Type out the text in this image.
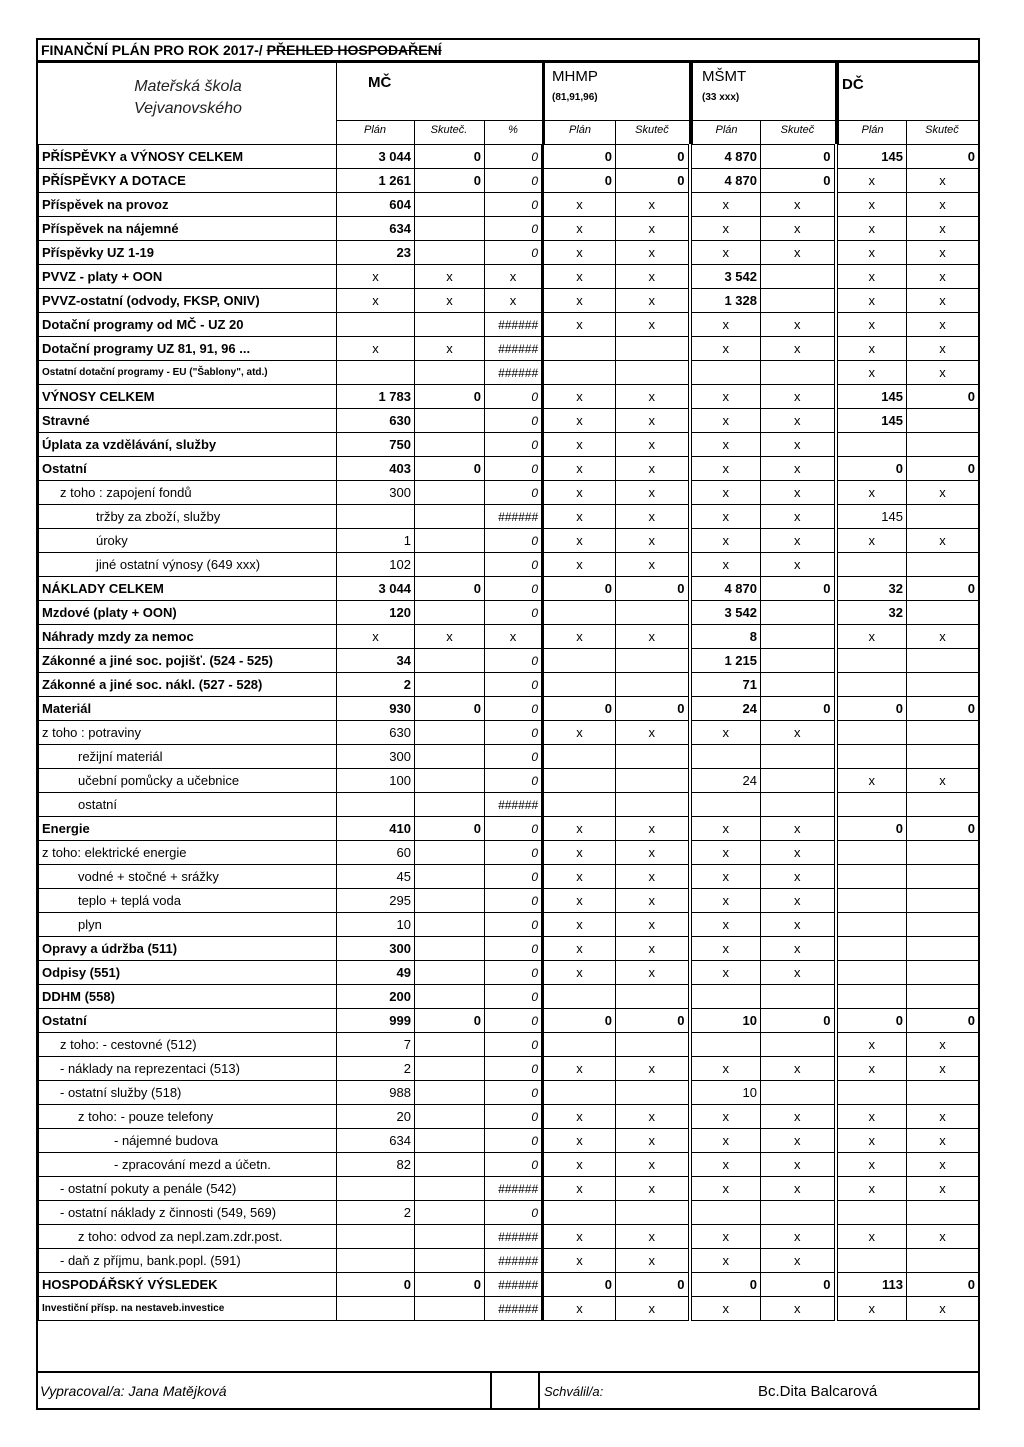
FINANČNÍ PLÁN PRO ROK 2017-/ PŘEHLED HOSPODAŘENÍ
Mateřská škola
Vejvanovského
MČ	MHMP
(81,91,96)
MŠMT
(33 xxx)
DČ
Plán	Skuteč.	%	Plán	Skuteč	Plán	Skuteč	Plán	Skuteč
PŘÍSPĚVKY a VÝNOSY CELKEM	3 044	0	0	0	0	4 870	0	145	0
PŘÍSPĚVKY A DOTACE	1 261	0	0	0	0	4 870	0	x	x
Příspěvek na provoz	604		0	x	x	x	x	x	x
Příspěvek na nájemné	634		0	x	x	x	x	x	x
Příspěvky UZ 1-19	23		0	x	x	x	x	x	x
PVVZ - platy + OON	x	x	x	x	x	3 542		x	x
PVVZ-ostatní (odvody, FKSP, ONIV)	x	x	x	x	x	1 328		x	x
Dotační programy od MČ - UZ 20			######	x	x	x	x	x	x
Dotační programy UZ 81, 91, 96 ...	x	x	######			x	x	x	x
Ostatní dotační programy - EU ("Šablony", atd.)			######					x	x
VÝNOSY CELKEM	1 783	0	0	x	x	x	x	145	0
Stravné	630		0	x	x	x	x	145	
Úplata za vzdělávání, služby	750		0	x	x	x	x		
Ostatní	403	0	0	x	x	x	x	0	0
z toho : zapojení fondů	300		0	x	x	x	x	x	x
tržby za zboží, služby			######	x	x	x	x	145	
úroky	1		0	x	x	x	x	x	x
jiné ostatní výnosy (649 xxx)	102		0	x	x	x	x		
NÁKLADY CELKEM	3 044	0	0	0	0	4 870	0	32	0
Mzdové (platy + OON)	120		0			3 542		32	
Náhrady mzdy za nemoc	x	x	x	x	x	8		x	x
Zákonné a jiné soc. pojišť. (524 - 525)	34		0			1 215			
Zákonné a jiné soc. nákl. (527 - 528)	2		0			71			
Materiál	930	0	0	0	0	24	0	0	0
z toho : potraviny	630		0	x	x	x	x		
režijní materiál	300		0						
učební pomůcky a učebnice	100		0			24		x	x
ostatní			######						
Energie	410	0	0	x	x	x	x	0	0
z toho: elektrické energie	60		0	x	x	x	x		
vodné + stočné + srážky	45		0	x	x	x	x		
teplo + teplá voda	295		0	x	x	x	x		
plyn	10		0	x	x	x	x		
Opravy a údržba (511)	300		0	x	x	x	x		
Odpisy (551)	49		0	x	x	x	x		
DDHM (558)	200		0						
Ostatní	999	0	0	0	0	10	0	0	0
z toho: - cestovné (512)	7		0					x	x
- náklady na reprezentaci (513)	2		0	x	x	x	x	x	x
- ostatní služby (518)	988		0			10			
z toho: - pouze telefony	20		0	x	x	x	x	x	x
- nájemné budova	634		0	x	x	x	x	x	x
- zpracování mezd a účetn.	82		0	x	x	x	x	x	x
- ostatní pokuty a penále (542)			######	x	x	x	x	x	x
- ostatní náklady z činnosti (549, 569)	2		0						
z toho: odvod za nepl.zam.zdr.post.			######	x	x	x	x	x	x
- daň z příjmu, bank.popl. (591)			######	x	x	x	x		
HOSPODÁŘSKÝ VÝSLEDEK	0	0	######	0	0	0	0	113	0
Investiční přísp. na nestaveb.investice			######	x	x	x	x	x	x
Vypracoval/a: Jana Matějková	Schválil/a:	Bc.Dita Balcarová
